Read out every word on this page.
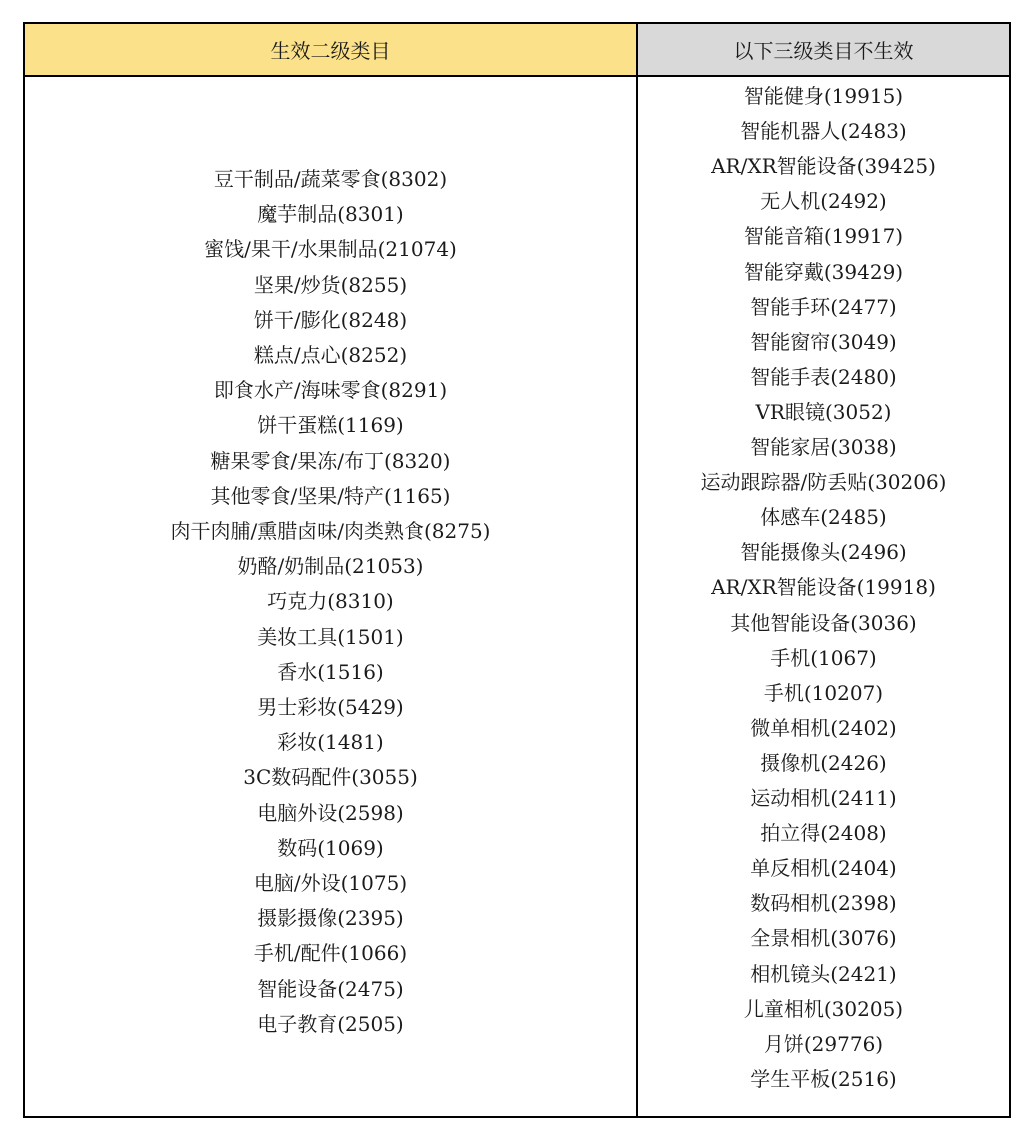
生效二级类目	以下三级类目不生效
豆干制品/蔬菜零食(8302)
魔芋制品(8301)
蜜饯/果干/水果制品(21074)
坚果/炒货(8255)
饼干/膨化(8248)
糕点/点心(8252)
即食水产/海味零食(8291)
饼干蛋糕(1169)
糖果零食/果冻/布丁(8320)
其他零食/坚果/特产(1165)
肉干肉脯/熏腊卤味/肉类熟食(8275)
奶酪/奶制品(21053)
巧克力(8310)
美妆工具(1501)
香水(1516)
男士彩妆(5429)
彩妆(1481)
3C数码配件(3055)
电脑外设(2598)
数码(1069)
电脑/外设(1075)
摄影摄像(2395)
手机/配件(1066)
智能设备(2475)
电子教育(2505)
智能健身(19915)
智能机器人(2483)
AR/XR智能设备(39425)
无人机(2492)
智能音箱(19917)
智能穿戴(39429)
智能手环(2477)
智能窗帘(3049)
智能手表(2480)
VR眼镜(3052)
智能家居(3038)
运动跟踪器/防丢贴(30206)
体感车(2485)
智能摄像头(2496)
AR/XR智能设备(19918)
其他智能设备(3036)
手机(1067)
手机(10207)
微单相机(2402)
摄像机(2426)
运动相机(2411)
拍立得(2408)
单反相机(2404)
数码相机(2398)
全景相机(3076)
相机镜头(2421)
儿童相机(30205)
月饼(29776)
学生平板(2516)
